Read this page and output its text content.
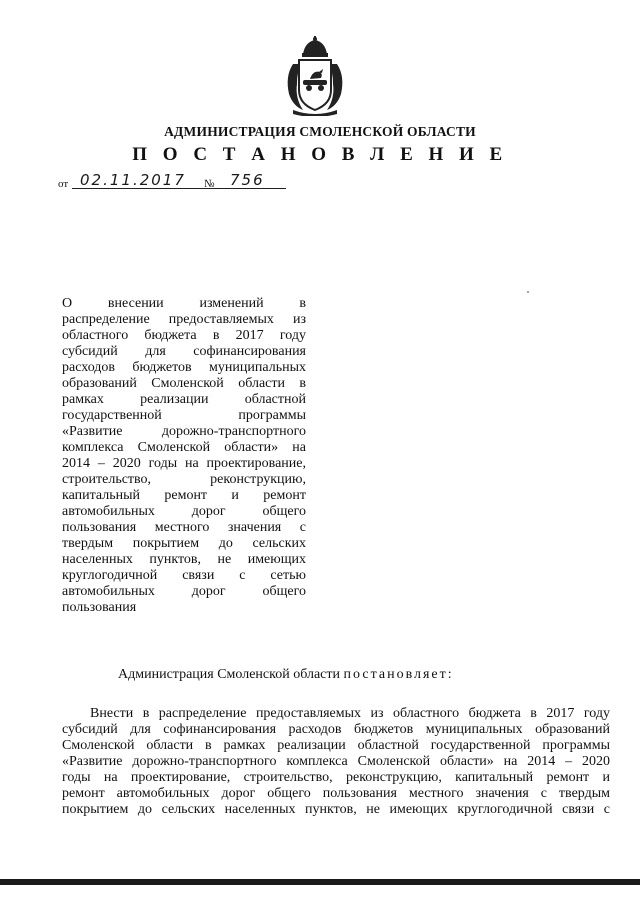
АДМИНИСТРАЦИЯ СМОЛЕНСКОЙ ОБЛАСТИ
П О С Т А Н О В Л Е Н И Е
от 02.11.2017 № 756
О внесении изменений в
распределение предоставляемых из
областного бюджета в 2017 году
субсидий для софинансирования
расходов бюджетов муниципальных
образований Смоленской области в
рамках реализации областной
государственной программы
«Развитие дорожно-транспортного
комплекса Смоленской области» на
2014 – 2020 годы на проектирование,
строительство, реконструкцию,
капитальный ремонт и ремонт
автомобильных дорог общего
пользования местного значения с
твердым покрытием до сельских
населенных пунктов, не имеющих
круглогодичной связи с сетью
автомобильных дорог общего
пользования
Администрация Смоленской области постановляет:
Внести в распределение предоставляемых из областного бюджета в 2017 году
субсидий для софинансирования расходов бюджетов муниципальных образований
Смоленской области в рамках реализации областной государственной программы
«Развитие дорожно-транспортного комплекса Смоленской области» на 2014 – 2020
годы на проектирование, строительство, реконструкцию, капитальный ремонт и
ремонт автомобильных дорог общего пользования местного значения с твердым
покрытием до сельских населенных пунктов, не имеющих круглогодичной связи с
